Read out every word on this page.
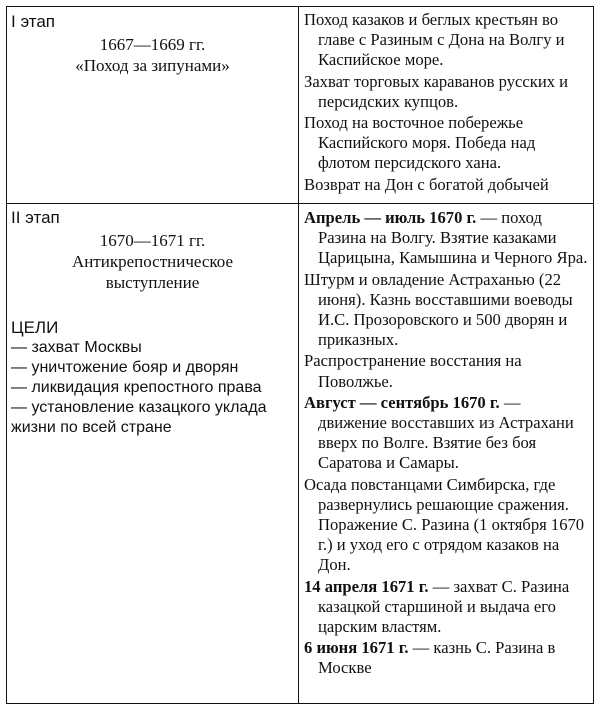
I этап
1667—1669 гг.
«Поход за зипунами»
Поход казаков и беглых крестьян во главе с Разиным с Дона на Волгу и Каспийское море.
Захват торговых караванов русских и персидских купцов.
Поход на восточное побережье Каспийского моря. Победа над флотом персидского хана.
Возврат на Дон с богатой добычей
II этап
1670—1671 гг.
Антикрепостническое
выступление
ЦЕЛИ
— захват Москвы
— уничтожение бояр и дворян
— ликвидация крепостного права
— установление казацкого уклада жизни по всей стране
Апрель — июль 1670 г. — поход Разина на Волгу. Взятие казаками Царицына, Камышина и Черного Яра.
Штурм и овладение Астраханью (22 июня). Казнь восставшими воеводы И.С. Прозоровского и 500 дворян и приказных.
Распространение восстания на Поволжье.
Август — сентябрь 1670 г. — движение восставших из Астрахани вверх по Волге. Взятие без боя Саратова и Самары.
Осада повстанцами Симбирска, где развернулись решающие сражения. Поражение С. Разина (1 октября 1670 г.) и уход его с отрядом казаков на Дон.
14 апреля 1671 г. — захват С. Разина казацкой старшиной и выдача его царским властям.
6 июня 1671 г. — казнь С. Разина в Москве
